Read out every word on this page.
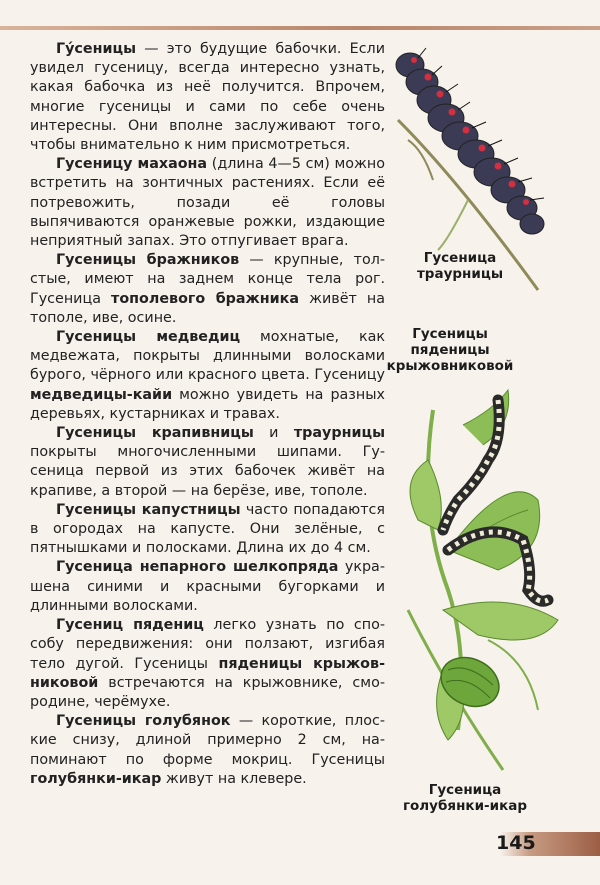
Гу́сеницы — это будущие бабочки. Если увидел гусеницу, всегда интересно узнать, какая бабочка из неё получится. Впрочем, многие гусеницы и сами по себе очень интересны. Они вполне заслуживают того, чтобы внимательно к ним присмотреться.

Гусеницу махаона (длина 4—5 см) можно встретить на зонтичных растениях. Если её потревожить, позади её головы выпячиваются оранжевые рожки, издающие неприятный запах. Это отпугивает врага.

Гусеницы бражников — крупные, толстые, имеют на заднем конце тела рог. Гусеница тополевого бражника живёт на тополе, иве, осине.

Гусеницы медведиц мохнатые, как медвежата, покрыты длинными волосками бурого, чёрного или красного цвета. Гусеницу медведицы-кайи можно увидеть на разных деревьях, кустарниках и травах.

Гусеницы крапивницы и траурницы покрыты многочисленными шипами. Гусеница первой из этих бабочек живёт на крапиве, а второй — на берёзе, иве, тополе.

Гусеницы капустницы часто попадаются в огородах на капусте. Они зелёные, с пятнышками и полосками. Длина их до 4 см.

Гусеница непарного шелкопряда украшена синими и красными бугорками и длинными волосками.

Гусениц пядениц легко узнать по способу передвижения: они ползают, изгибая тело дугой. Гусеницы пяденицы крыжовниковой встречаются на крыжовнике, смородине, черёмухе.

Гусеницы голубянок — короткие, плоские снизу, длиной примерно 2 см, напоминают по форме мокриц. Гусеницы голубянки-икар живут на клевере.

Гусеница
траурницы
Гусеницы
пяденицы
крыжовниковой
Гусеница
голубянки-икар
145
